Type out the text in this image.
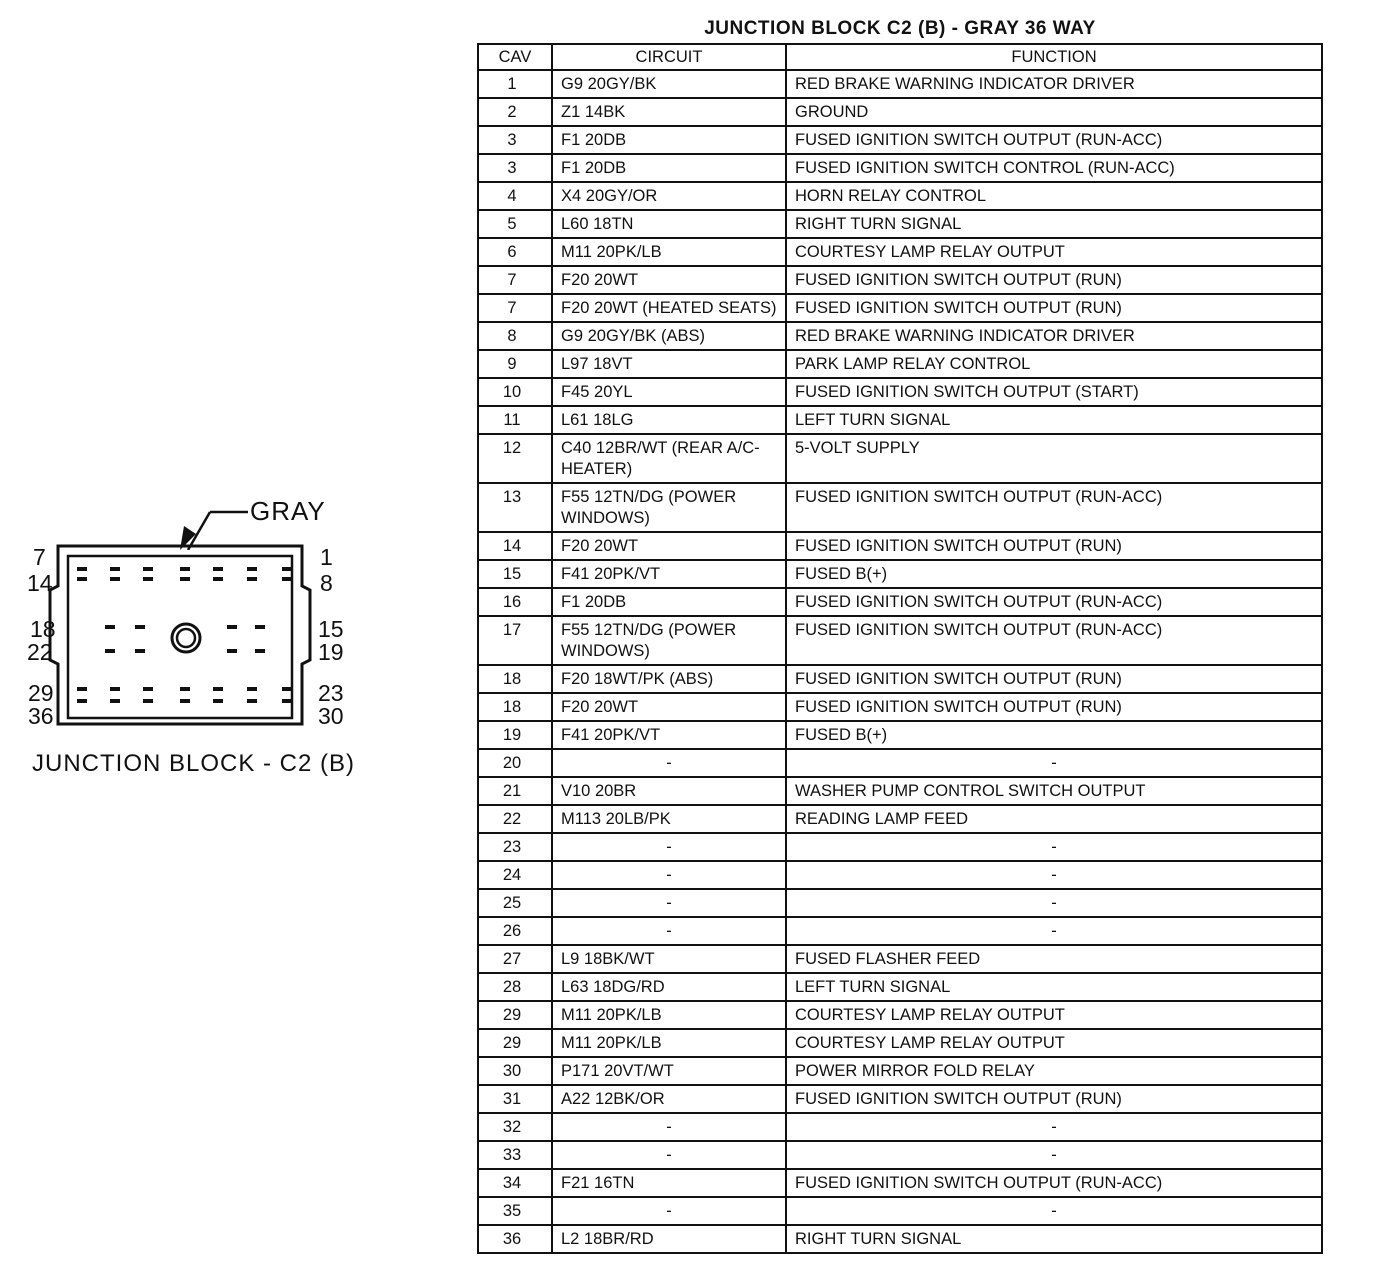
GRAY
7
14
1
8
18
22
15
19
29
36
23
30
JUNCTION BLOCK - C2 (B)
JUNCTION BLOCK C2 (B) - GRAY 36 WAY
CAV	CIRCUIT	FUNCTION
1	G9 20GY/BK	RED BRAKE WARNING INDICATOR DRIVER
2	Z1 14BK	GROUND
3	F1 20DB	FUSED IGNITION SWITCH OUTPUT (RUN-ACC)
3	F1 20DB	FUSED IGNITION SWITCH CONTROL (RUN-ACC)
4	X4 20GY/OR	HORN RELAY CONTROL
5	L60 18TN	RIGHT TURN SIGNAL
6	M11 20PK/LB	COURTESY LAMP RELAY OUTPUT
7	F20 20WT	FUSED IGNITION SWITCH OUTPUT (RUN)
7	F20 20WT (HEATED SEATS)	FUSED IGNITION SWITCH OUTPUT (RUN)
8	G9 20GY/BK (ABS)	RED BRAKE WARNING INDICATOR DRIVER
9	L97 18VT	PARK LAMP RELAY CONTROL
10	F45 20YL	FUSED IGNITION SWITCH OUTPUT (START)
11	L61 18LG	LEFT TURN SIGNAL
12	C40 12BR/WT (REAR A/C-HEATER)	5-VOLT SUPPLY
13	F55 12TN/DG (POWER WINDOWS)	FUSED IGNITION SWITCH OUTPUT (RUN-ACC)
14	F20 20WT	FUSED IGNITION SWITCH OUTPUT (RUN)
15	F41 20PK/VT	FUSED B(+)
16	F1 20DB	FUSED IGNITION SWITCH OUTPUT (RUN-ACC)
17	F55 12TN/DG (POWER WINDOWS)	FUSED IGNITION SWITCH OUTPUT (RUN-ACC)
18	F20 18WT/PK (ABS)	FUSED IGNITION SWITCH OUTPUT (RUN)
18	F20 20WT	FUSED IGNITION SWITCH OUTPUT (RUN)
19	F41 20PK/VT	FUSED B(+)
20	-	-
21	V10 20BR	WASHER PUMP CONTROL SWITCH OUTPUT
22	M113 20LB/PK	READING LAMP FEED
23	-	-
24	-	-
25	-	-
26	-	-
27	L9 18BK/WT	FUSED FLASHER FEED
28	L63 18DG/RD	LEFT TURN SIGNAL
29	M11 20PK/LB	COURTESY LAMP RELAY OUTPUT
29	M11 20PK/LB	COURTESY LAMP RELAY OUTPUT
30	P171 20VT/WT	POWER MIRROR FOLD RELAY
31	A22 12BK/OR	FUSED IGNITION SWITCH OUTPUT (RUN)
32	-	-
33	-	-
34	F21 16TN	FUSED IGNITION SWITCH OUTPUT (RUN-ACC)
35	-	-
36	L2 18BR/RD	RIGHT TURN SIGNAL
